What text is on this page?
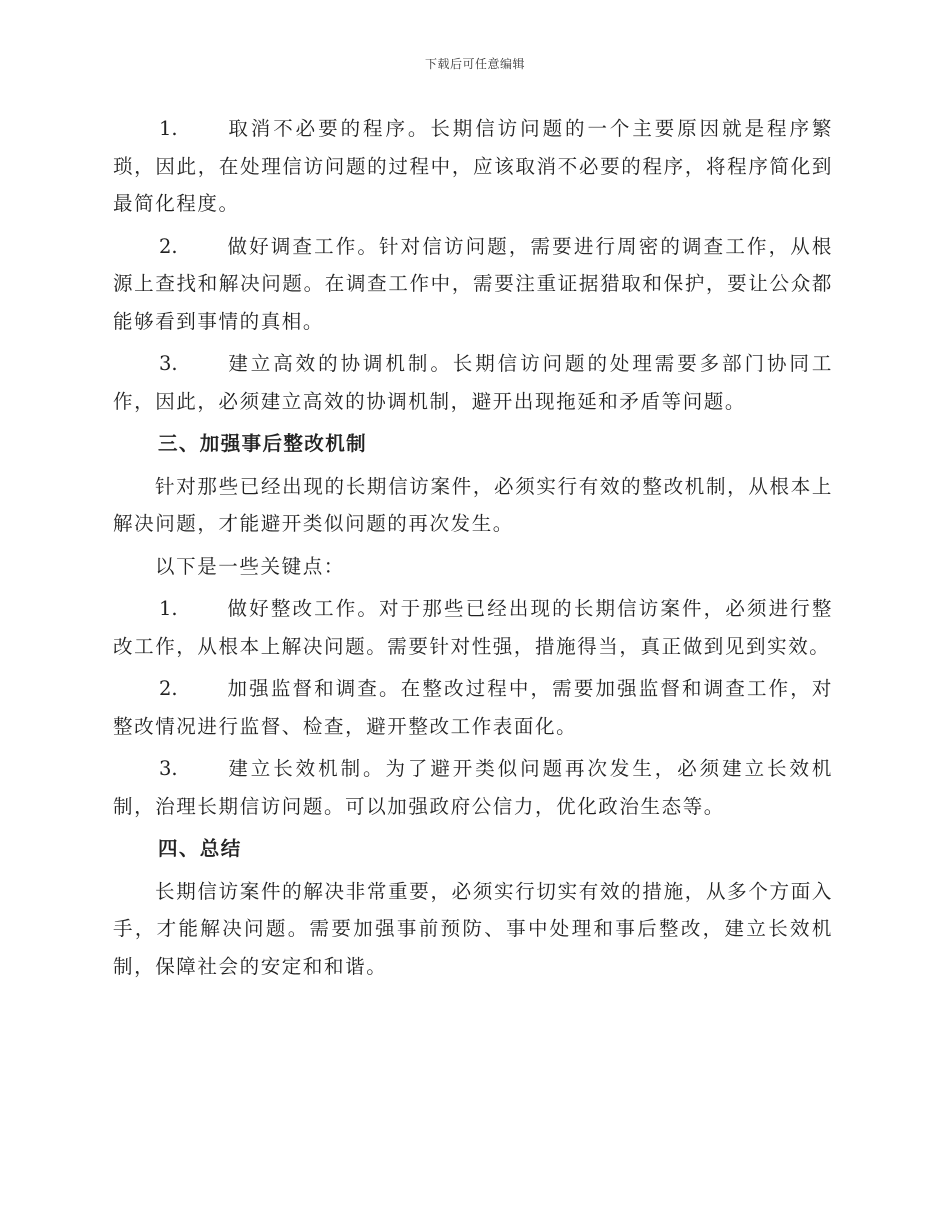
下载后可任意编辑

1.	取消不必要的程序。长期信访问题的一个主要原因就是程序繁琐，因此，在处理信访问题的过程中，应该取消不必要的程序，将程序简化到最简化程度。

2.	做好调查工作。针对信访问题，需要进行周密的调查工作，从根源上查找和解决问题。在调查工作中，需要注重证据猎取和保护，要让公众都能够看到事情的真相。

3.	建立高效的协调机制。长期信访问题的处理需要多部门协同工作，因此，必须建立高效的协调机制，避开出现拖延和矛盾等问题。

三、加强事后整改机制

针对那些已经出现的长期信访案件，必须实行有效的整改机制，从根本上解决问题，才能避开类似问题的再次发生。

以下是一些关键点：

1.	做好整改工作。对于那些已经出现的长期信访案件，必须进行整改工作，从根本上解决问题。需要针对性强，措施得当，真正做到见到实效。

2.	加强监督和调查。在整改过程中，需要加强监督和调查工作，对整改情况进行监督、检查，避开整改工作表面化。

3.	建立长效机制。为了避开类似问题再次发生，必须建立长效机制，治理长期信访问题。可以加强政府公信力，优化政治生态等。

四、总结

长期信访案件的解决非常重要，必须实行切实有效的措施，从多个方面入手，才能解决问题。需要加强事前预防、事中处理和事后整改，建立长效机制，保障社会的安定和和谐。
